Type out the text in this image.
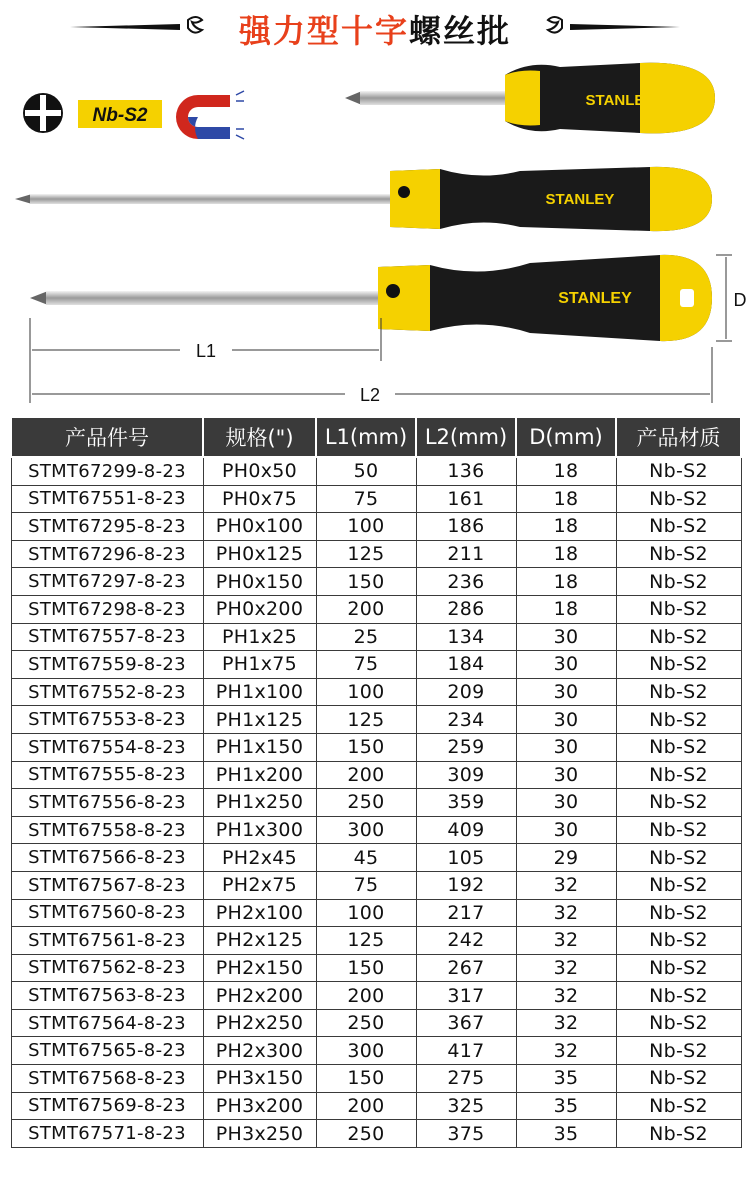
强力型十字螺丝批
Nb-S2
STANLEY
STANLEY
STANLEY	D
L1
L2
产品件号	规格(")	L1(mm)	L2(mm)	D(mm)	产品材质
STMT67299-8-23	PH0x50	50	136	18	Nb-S2
STMT67551-8-23	PH0x75	75	161	18	Nb-S2
STMT67295-8-23	PH0x100	100	186	18	Nb-S2
STMT67296-8-23	PH0x125	125	211	18	Nb-S2
STMT67297-8-23	PH0x150	150	236	18	Nb-S2
STMT67298-8-23	PH0x200	200	286	18	Nb-S2
STMT67557-8-23	PH1x25	25	134	30	Nb-S2
STMT67559-8-23	PH1x75	75	184	30	Nb-S2
STMT67552-8-23	PH1x100	100	209	30	Nb-S2
STMT67553-8-23	PH1x125	125	234	30	Nb-S2
STMT67554-8-23	PH1x150	150	259	30	Nb-S2
STMT67555-8-23	PH1x200	200	309	30	Nb-S2
STMT67556-8-23	PH1x250	250	359	30	Nb-S2
STMT67558-8-23	PH1x300	300	409	30	Nb-S2
STMT67566-8-23	PH2x45	45	105	29	Nb-S2
STMT67567-8-23	PH2x75	75	192	32	Nb-S2
STMT67560-8-23	PH2x100	100	217	32	Nb-S2
STMT67561-8-23	PH2x125	125	242	32	Nb-S2
STMT67562-8-23	PH2x150	150	267	32	Nb-S2
STMT67563-8-23	PH2x200	200	317	32	Nb-S2
STMT67564-8-23	PH2x250	250	367	32	Nb-S2
STMT67565-8-23	PH2x300	300	417	32	Nb-S2
STMT67568-8-23	PH3x150	150	275	35	Nb-S2
STMT67569-8-23	PH3x200	200	325	35	Nb-S2
STMT67571-8-23	PH3x250	250	375	35	Nb-S2
